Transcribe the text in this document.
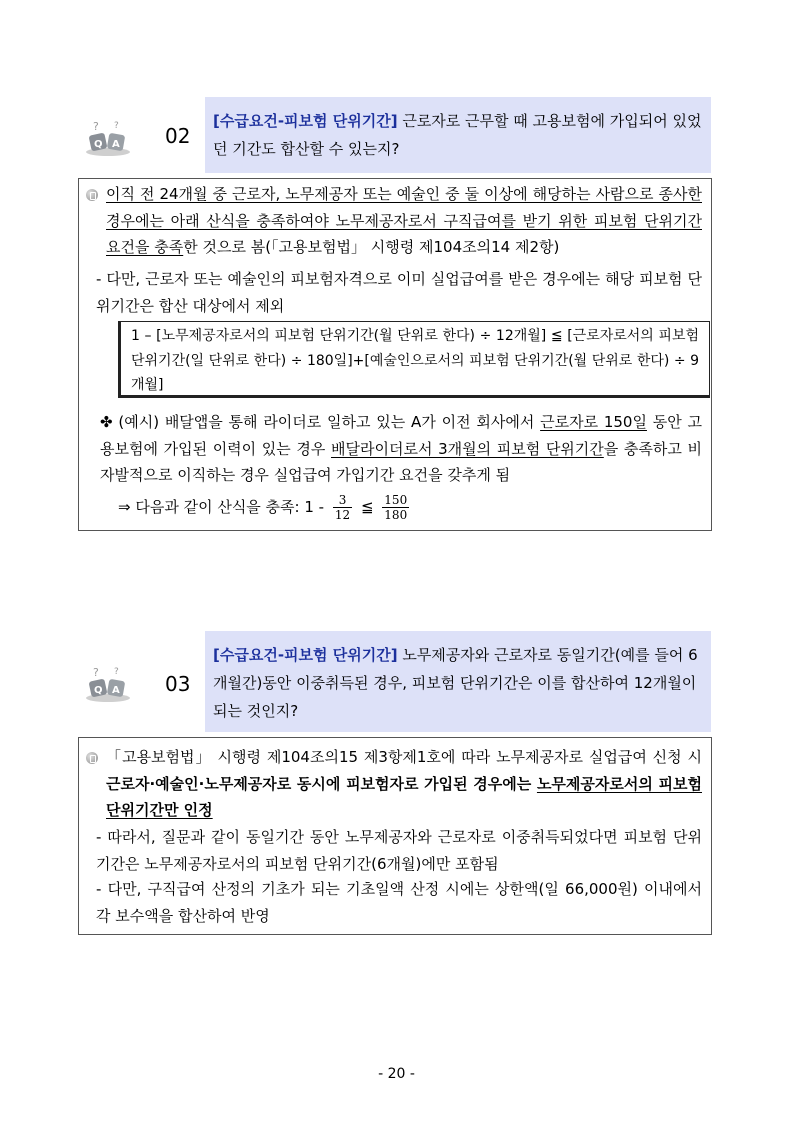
? ?
Q A 02
[수급요건-피보험 단위기간] 근로자로 근무할 때 고용보험에 가입되어 있었던 기간도 합산할 수 있는지?
이직 전 24개월 중 근로자, 노무제공자 또는 예술인 중 둘 이상에 해당하는 사람으로 종사한 경우에는 아래 산식을 충족하여야 노무제공자로서 구직급여를 받기 위한 피보험 단위기간 요건을 충족한 것으로 봄(「고용보험법」 시행령 제104조의14 제2항)
- 다만, 근로자 또는 예술인의 피보험자격으로 이미 실업급여를 받은 경우에는 해당 피보험 단위기간은 합산 대상에서 제외
1 – [노무제공자로서의 피보험 단위기간(월 단위로 한다) ÷ 12개월] ≦ [근로자로서의 피보험 단위기간(일 단위로 한다) ÷ 180일]+[예술인으로서의 피보험 단위기간(월 단위로 한다) ÷ 9개월]
✤ (예시) 배달앱을 통해 라이더로 일하고 있는 A가 이전 회사에서 근로자로 150일 동안 고용보험에 가입된 이력이 있는 경우 배달라이더로서 3개월의 피보험 단위기간을 충족하고 비자발적으로 이직하는 경우 실업급여 가입기간 요건을 갖추게 됨
⇒ 다음과 같이 산식을 충족: $1 - \frac{3}{12}$ ≦ $\frac{150}{180}$
? ?
Q A 03
[수급요건-피보험 단위기간] 노무제공자와 근로자로 동일기간(예를 들어 6개월간)동안 이중취득된 경우, 피보험 단위기간은 이를 합산하여 12개월이 되는 것인지?
「고용보험법」 시행령 제104조의15 제3항제1호에 따라 노무제공자로 실업급여 신청 시 근로자·예술인·노무제공자로 동시에 피보험자로 가입된 경우에는 노무제공자로서의 피보험 단위기간만 인정
- 따라서, 질문과 같이 동일기간 동안 노무제공자와 근로자로 이중취득되었다면 피보험 단위기간은 노무제공자로서의 피보험 단위기간(6개월)에만 포함됨
- 다만, 구직급여 산정의 기초가 되는 기초일액 산정 시에는 상한액(일 66,000원) 이내에서 각 보수액을 합산하여 반영
- 20 -
